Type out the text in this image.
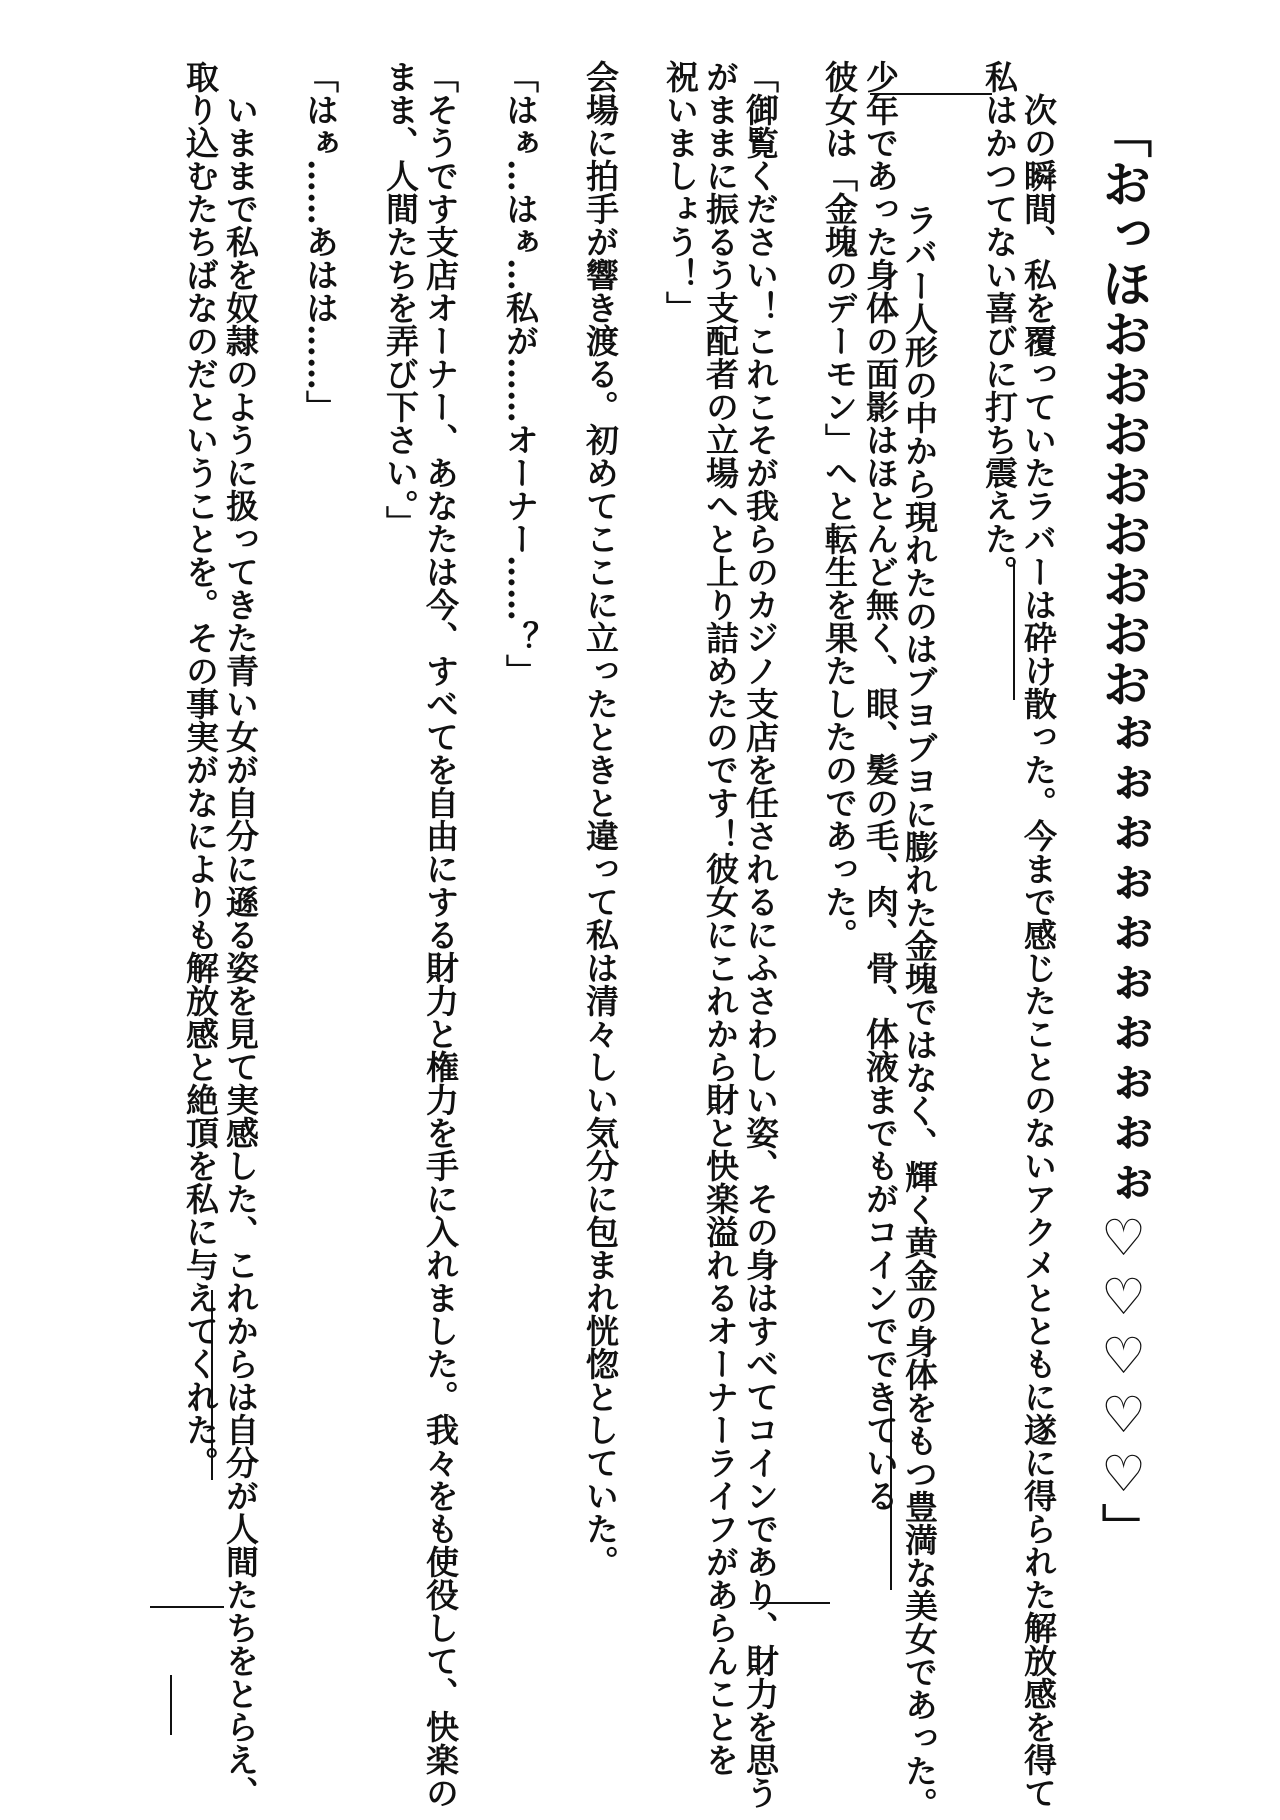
「おっほおおおおおおおおぉぉぉぉぉぉぉぉぉぉ♡♡♡♡♡」
次の瞬間、私を覆っていたラバーは砕け散った。今まで感じたことのないアクメとともに遂に得られた解放感を得て
私はかつてない喜びに打ち震えた。
ラバー人形の中から現れたのはブヨブヨに膨れた金塊ではなく、輝く黄金の身体をもつ豊満な美女であった。
少年であった身体の面影はほとんど無く、眼、髪の毛、肉、骨、体液までもがコインでできている
彼女は「金塊のデーモン」へと転生を果たしたのであった。
「御覧ください！これこそが我らのカジノ支店を任されるにふさわしい姿、その身はすべてコインであり、財力を思う
がままに振るう支配者の立場へと上り詰めたのです！彼女にこれから財と快楽溢れるオーナーライフがあらんことを
祝いましょう！」
会場に拍手が響き渡る。初めてここに立ったときと違って私は清々しい気分に包まれ恍惚としていた。
「はぁ…はぁ…私が……オーナー……？」
「そうです支店オーナー、あなたは今、すべてを自由にする財力と権力を手に入れました。我々をも使役して、快楽の
まま、人間たちを弄び下さい。」
「はぁ……あはは……」
いままで私を奴隷のように扱ってきた青い女が自分に遜る姿を見て実感した、これからは自分が人間たちをとらえ、
取り込むたちばなのだということを。その事実がなによりも解放感と絶頂を私に与えてくれた。
